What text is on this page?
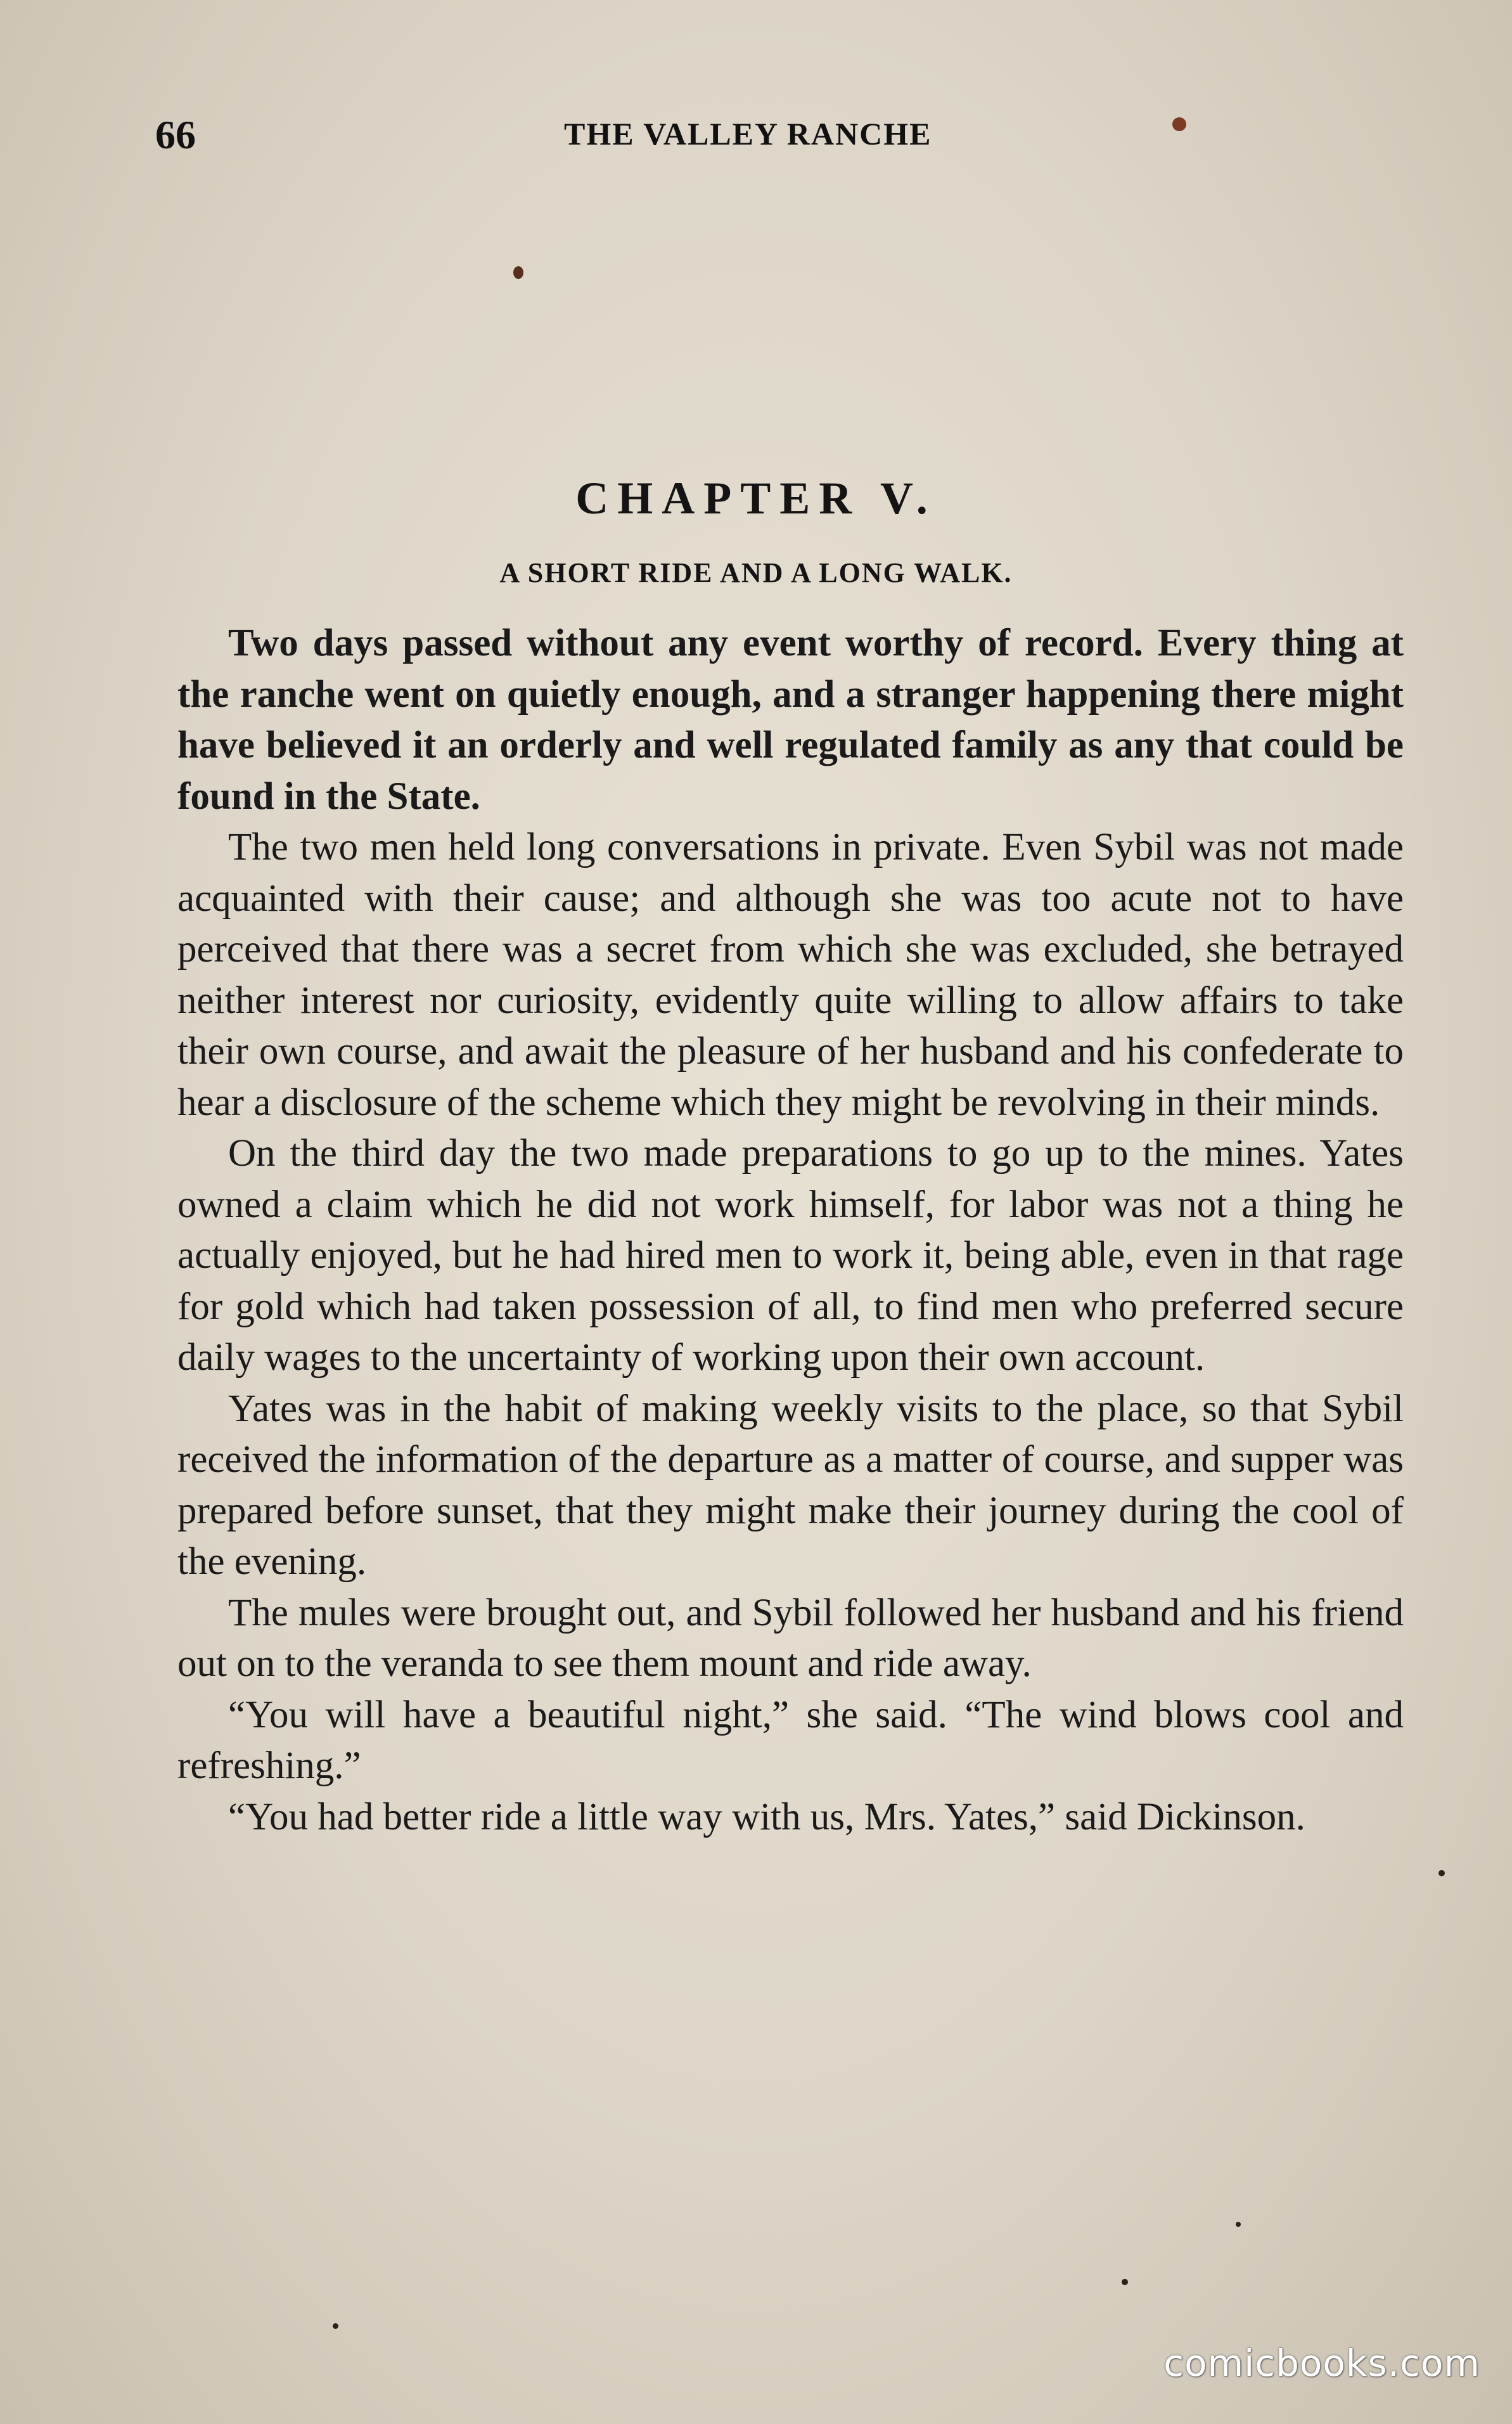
66	THE VALLEY RANCHE
CHAPTER V.
A SHORT RIDE AND A LONG WALK.

Two days passed without any event worthy of record. Every thing at the ranche went on quietly enough, and a stranger happening there might have believed it an orderly and well regulated family as any that could be found in the State.

The two men held long conversations in private. Even Sybil was not made acquainted with their cause; and although she was too acute not to have perceived that there was a secret from which she was excluded, she betrayed neither interest nor curiosity, evidently quite willing to allow affairs to take their own course, and await the pleasure of her husband and his confederate to hear a disclosure of the scheme which they might be revolving in their minds.

On the third day the two made preparations to go up to the mines. Yates owned a claim which he did not work himself, for labor was not a thing he actually enjoyed, but he had hired men to work it, being able, even in that rage for gold which had taken possession of all, to find men who preferred secure daily wages to the uncertainty of working upon their own account.

Yates was in the habit of making weekly visits to the place, so that Sybil received the information of the departure as a matter of course, and supper was prepared before sunset, that they might make their journey during the cool of the evening.

The mules were brought out, and Sybil followed her husband and his friend out on to the veranda to see them mount and ride away.

“You will have a beautiful night,” she said. “The wind blows cool and refreshing.”

“You had better ride a little way with us, Mrs. Yates,” said Dickinson.

comicbooks.com
